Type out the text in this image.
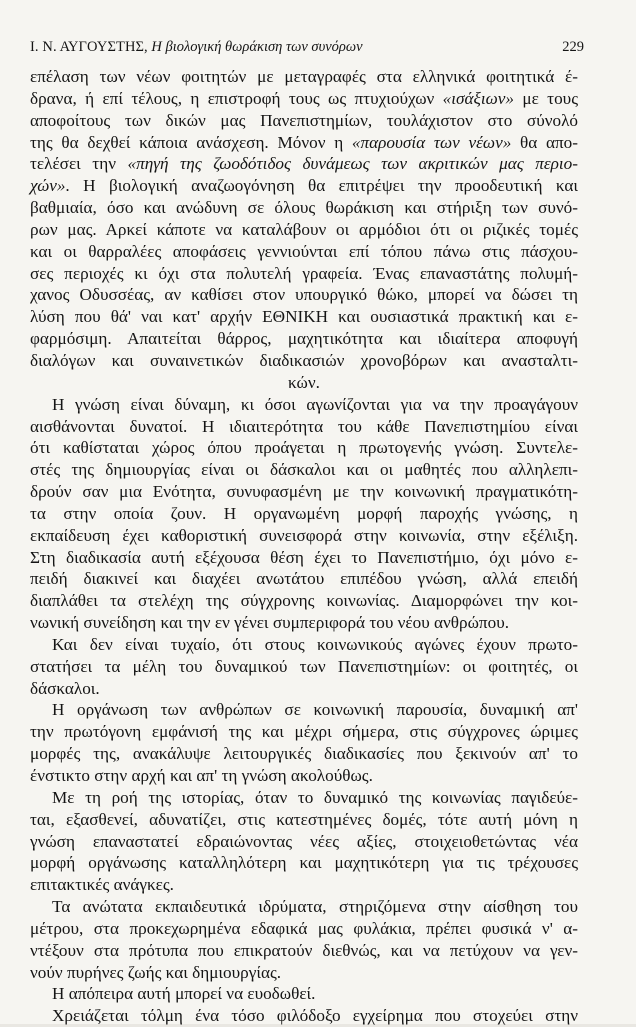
Ι. Ν. ΑΥΓΟΥΣΤΗΣ, Η βιολογική θωράκιση των συνόρων	229
επέλαση των νέων φοιτητών με μεταγραφές στα ελληνικά φοιτητικά έ-
δρανα, ή επί τέλους, η επιστροφή τους ως πτυχιούχων «ισάξιων» με τους
αποφοίτους των δικών μας Πανεπιστημίων, τουλάχιστον στο σύνολό
της θα δεχθεί κάποια ανάσχεση. Μόνον η «παρουσία των νέων» θα απο-
τελέσει την «πηγή της ζωοδότιδος δυνάμεως των ακριτικών μας περιο-
χών». Η βιολογική αναζωογόνηση θα επιτρέψει την προοδευτική και
βαθμιαία, όσο και ανώδυνη σε όλους θωράκιση και στήριξη των συνό-
ρων μας. Αρκεί κάποτε να καταλάβουν οι αρμόδιοι ότι οι ριζικές τομές
και οι θαρραλέες αποφάσεις γεννιούνται επί τόπου πάνω στις πάσχου-
σες περιοχές κι όχι στα πολυτελή γραφεία. Ένας επαναστάτης πολυμή-
χανος Οδυσσέας, αν καθίσει στον υπουργικό θώκο, μπορεί να δώσει τη
λύση που θά' ναι κατ' αρχήν ΕΘΝΙΚΗ και ουσιαστικά πρακτική και ε-
φαρμόσιμη. Απαιτείται θάρρος, μαχητικότητα και ιδιαίτερα αποφυγή
διαλόγων και συναινετικών διαδικασιών χρονοβόρων και ανασταλτι-
κών.
Η γνώση είναι δύναμη, κι όσοι αγωνίζονται για να την προαγάγουν
αισθάνονται δυνατοί. Η ιδιαιτερότητα του κάθε Πανεπιστημίου είναι
ότι καθίσταται χώρος όπου προάγεται η πρωτογενής γνώση. Συντελε-
στές της δημιουργίας είναι οι δάσκαλοι και οι μαθητές που αλληλεπι-
δρούν σαν μια Ενότητα, συνυφασμένη με την κοινωνική πραγματικότη-
τα στην οποία ζουν. Η οργανωμένη μορφή παροχής γνώσης, η
εκπαίδευση έχει καθοριστική συνεισφορά στην κοινωνία, στην εξέλιξη.
Στη διαδικασία αυτή εξέχουσα θέση έχει το Πανεπιστήμιο, όχι μόνο ε-
πειδή διακινεί και διαχέει ανωτάτου επιπέδου γνώση, αλλά επειδή
διαπλάθει τα στελέχη της σύγχρονης κοινωνίας. Διαμορφώνει την κοι-
νωνική συνείδηση και την εν γένει συμπεριφορά του νέου ανθρώπου.
Και δεν είναι τυχαίο, ότι στους κοινωνικούς αγώνες έχουν πρωτο-
στατήσει τα μέλη του δυναμικού των Πανεπιστημίων: οι φοιτητές, οι
δάσκαλοι.
Η οργάνωση των ανθρώπων σε κοινωνική παρουσία, δυναμική απ'
την πρωτόγονη εμφάνισή της και μέχρι σήμερα, στις σύγχρονες ώριμες
μορφές της, ανακάλυψε λειτουργικές διαδικασίες που ξεκινούν απ' το
ένστικτο στην αρχή και απ' τη γνώση ακολούθως.
Με τη ροή της ιστορίας, όταν το δυναμικό της κοινωνίας παγιδεύε-
ται, εξασθενεί, αδυνατίζει, στις κατεστημένες δομές, τότε αυτή μόνη η
γνώση επαναστατεί εδραιώνοντας νέες αξίες, στοιχειοθετώντας νέα
μορφή οργάνωσης καταλληλότερη και μαχητικότερη για τις τρέχουσες
επιτακτικές ανάγκες.
Τα ανώτατα εκπαιδευτικά ιδρύματα, στηριζόμενα στην αίσθηση του
μέτρου, στα προκεχωρημένα εδαφικά μας φυλάκια, πρέπει φυσικά ν' α-
ντέξουν στα πρότυπα που επικρατούν διεθνώς, και να πετύχουν να γεν-
νούν πυρήνες ζωής και δημιουργίας.
Η απόπειρα αυτή μπορεί να ευοδωθεί.
Χρειάζεται τόλμη ένα τόσο φιλόδοξο εγχείρημα που στοχεύει στην
